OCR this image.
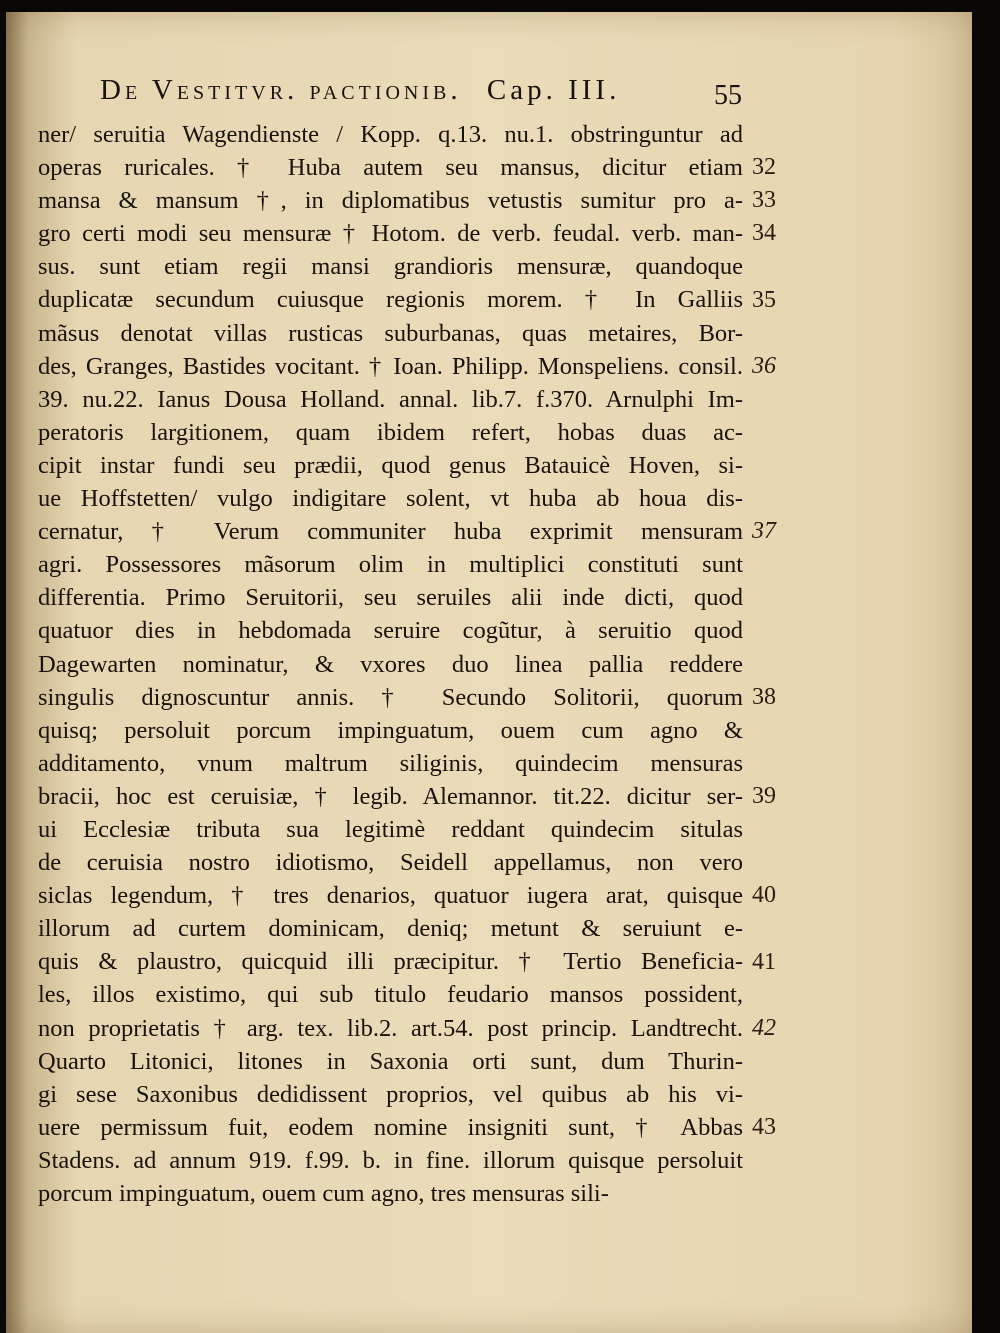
De Vestitvr. pactionib. Cap. III.	55
ner/ seruitia Wagendienste / Kopp. q.13. nu.1. obstringuntur ad
operas ruricales. † Huba autem seu mansus, dicitur etiam
mansa & mansum †, in diplomatibus vetustis sumitur pro a-
gro certi modi seu mensuræ † Hotom. de verb. feudal. verb. man-
sus. sunt etiam regii mansi grandioris mensuræ, quandoque
duplicatæ secundum cuiusque regionis morem. † In Galliis
mãsus denotat villas rusticas suburbanas, quas metaires, Bor-
des, Granges, Bastides vocitant. † Ioan. Philipp. Monspeliens. consil.
39. nu.22. Ianus Dousa Holland. annal. lib.7. f.370. Arnulphi Im-
peratoris largitionem, quam ibidem refert, hobas duas ac-
cipit instar fundi seu prædii, quod genus Batauicè Hoven, si-
ue Hoffstetten/ vulgo indigitare solent, vt huba ab houa dis-
cernatur, † Verum communiter huba exprimit mensuram
agri. Possessores mãsorum olim in multiplici constituti sunt
differentia. Primo Seruitorii, seu seruiles alii inde dicti, quod
quatuor dies in hebdomada seruire cogũtur, à seruitio quod
Dagewarten nominatur, & vxores duo linea pallia reddere
singulis dignoscuntur annis. † Secundo Solitorii, quorum
quisq; persoluit porcum impinguatum, ouem cum agno &
additamento, vnum maltrum siliginis, quindecim mensuras
bracii, hoc est ceruisiæ, † legib. Alemannor. tit.22. dicitur ser-
ui Ecclesiæ tributa sua legitimè reddant quindecim situlas
de ceruisia nostro idiotismo, Seidell appellamus, non vero
siclas legendum, † tres denarios, quatuor iugera arat, quisque
illorum ad curtem dominicam, deniq; metunt & seruiunt e-
quis & plaustro, quicquid illi præcipitur. † Tertio Beneficia-
les, illos existimo, qui sub titulo feudario mansos possident,
non proprietatis † arg. tex. lib.2. art.54. post princip. Landtrecht.
Quarto Litonici, litones in Saxonia orti sunt, dum Thurin-
gi sese Saxonibus dedidissent proprios, vel quibus ab his vi-
uere permissum fuit, eodem nomine insigniti sunt, † Abbas
Stadens. ad annum 919. f.99. b. in fine. illorum quisque persoluit
porcum impinguatum, ouem cum agno, tres mensuras sili-
32
33
34
35
36
37
38
39
40
41
42
43
